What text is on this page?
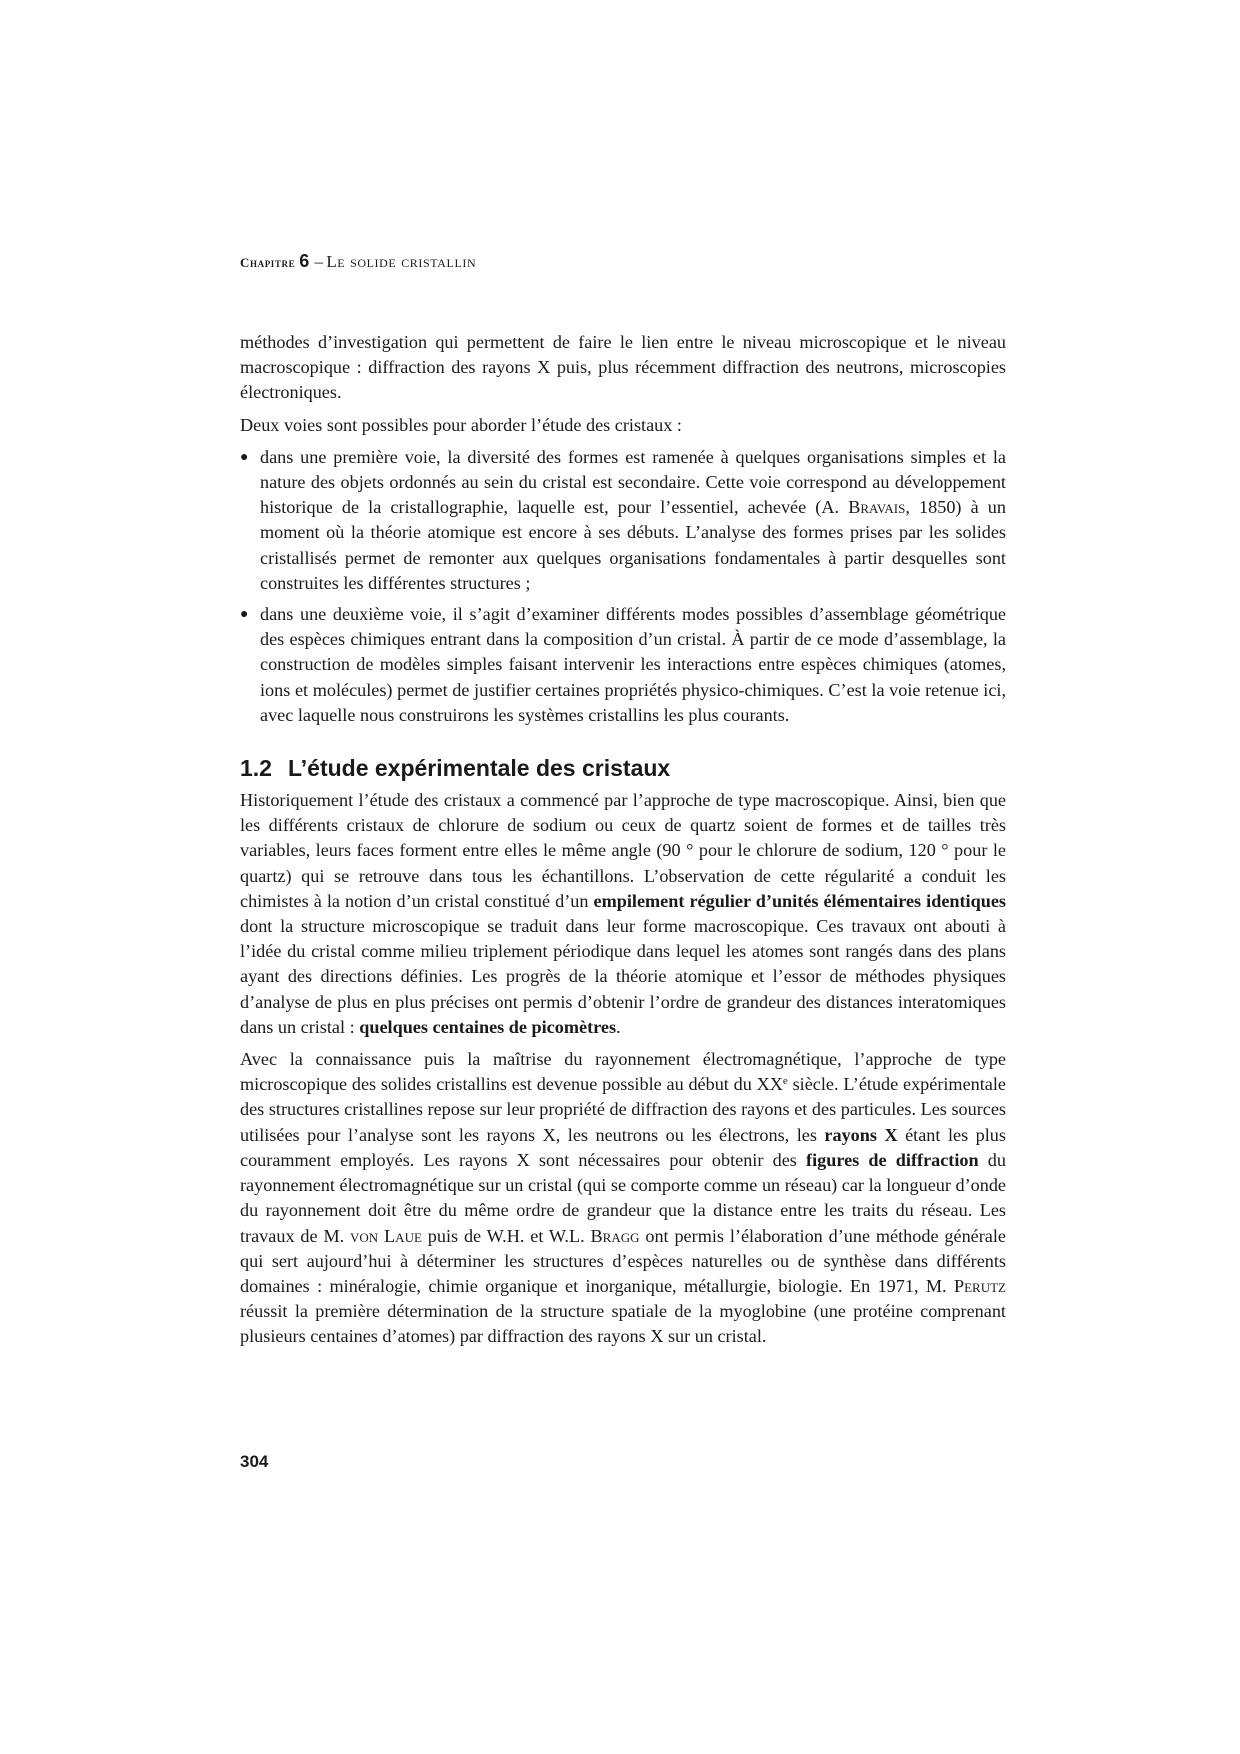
Chapitre 6 – Le solide cristallin

méthodes d’investigation qui permettent de faire le lien entre le niveau microscopique et le niveau macroscopique : diffraction des rayons X puis, plus récemment diffraction des neutrons, microscopies électroniques.

Deux voies sont possibles pour aborder l’étude des cristaux :

● dans une première voie, la diversité des formes est ramenée à quelques organisations simples et la nature des objets ordonnés au sein du cristal est secondaire. Cette voie correspond au développement historique de la cristallographie, laquelle est, pour l’essentiel, achevée (A. Bravais, 1850) à un moment où la théorie atomique est encore à ses débuts. L’analyse des formes prises par les solides cristallisés permet de remonter aux quelques organisations fondamentales à partir desquelles sont construites les différentes structures ;
● dans une deuxième voie, il s’agit d’examiner différents modes possibles d’assemblage géométrique des espèces chimiques entrant dans la composition d’un cristal. À partir de ce mode d’assemblage, la construction de modèles simples faisant intervenir les interactions entre espèces chimiques (atomes, ions et molécules) permet de justifier certaines propriétés physico-chimiques. C’est la voie retenue ici, avec laquelle nous construirons les systèmes cristallins les plus courants.
1.2 L’étude expérimentale des cristaux

Historiquement l’étude des cristaux a commencé par l’approche de type macroscopique. Ainsi, bien que les différents cristaux de chlorure de sodium ou ceux de quartz soient de formes et de tailles très variables, leurs faces forment entre elles le même angle (90 ° pour le chlorure de sodium, 120 ° pour le quartz) qui se retrouve dans tous les échantillons. L’observation de cette régularité a conduit les chimistes à la notion d’un cristal constitué d’un empilement régulier d’unités élémentaires identiques dont la structure microscopique se traduit dans leur forme macroscopique. Ces travaux ont abouti à l’idée du cristal comme milieu triplement périodique dans lequel les atomes sont rangés dans des plans ayant des directions définies. Les progrès de la théorie atomique et l’essor de méthodes physiques d’analyse de plus en plus précises ont permis d’obtenir l’ordre de grandeur des distances interatomiques dans un cristal : quelques centaines de picomètres.

Avec la connaissance puis la maîtrise du rayonnement électromagnétique, l’approche de type microscopique des solides cristallins est devenue possible au début du XXe siècle. L’étude expérimentale des structures cristallines repose sur leur propriété de diffraction des rayons et des particules. Les sources utilisées pour l’analyse sont les rayons X, les neutrons ou les électrons, les rayons X étant les plus couramment employés. Les rayons X sont nécessaires pour obtenir des figures de diffraction du rayonnement électromagnétique sur un cristal (qui se comporte comme un réseau) car la longueur d’onde du rayonnement doit être du même ordre de grandeur que la distance entre les traits du réseau. Les travaux de M. von Laue puis de W.H. et W.L. Bragg ont permis l’élaboration d’une méthode générale qui sert aujourd’hui à déterminer les structures d’espèces naturelles ou de synthèse dans différents domaines : minéralogie, chimie organique et inorganique, métallurgie, biologie. En 1971, M. Perutz réussit la première détermination de la structure spatiale de la myoglobine (une protéine comprenant plusieurs centaines d’atomes) par diffraction des rayons X sur un cristal.

304
